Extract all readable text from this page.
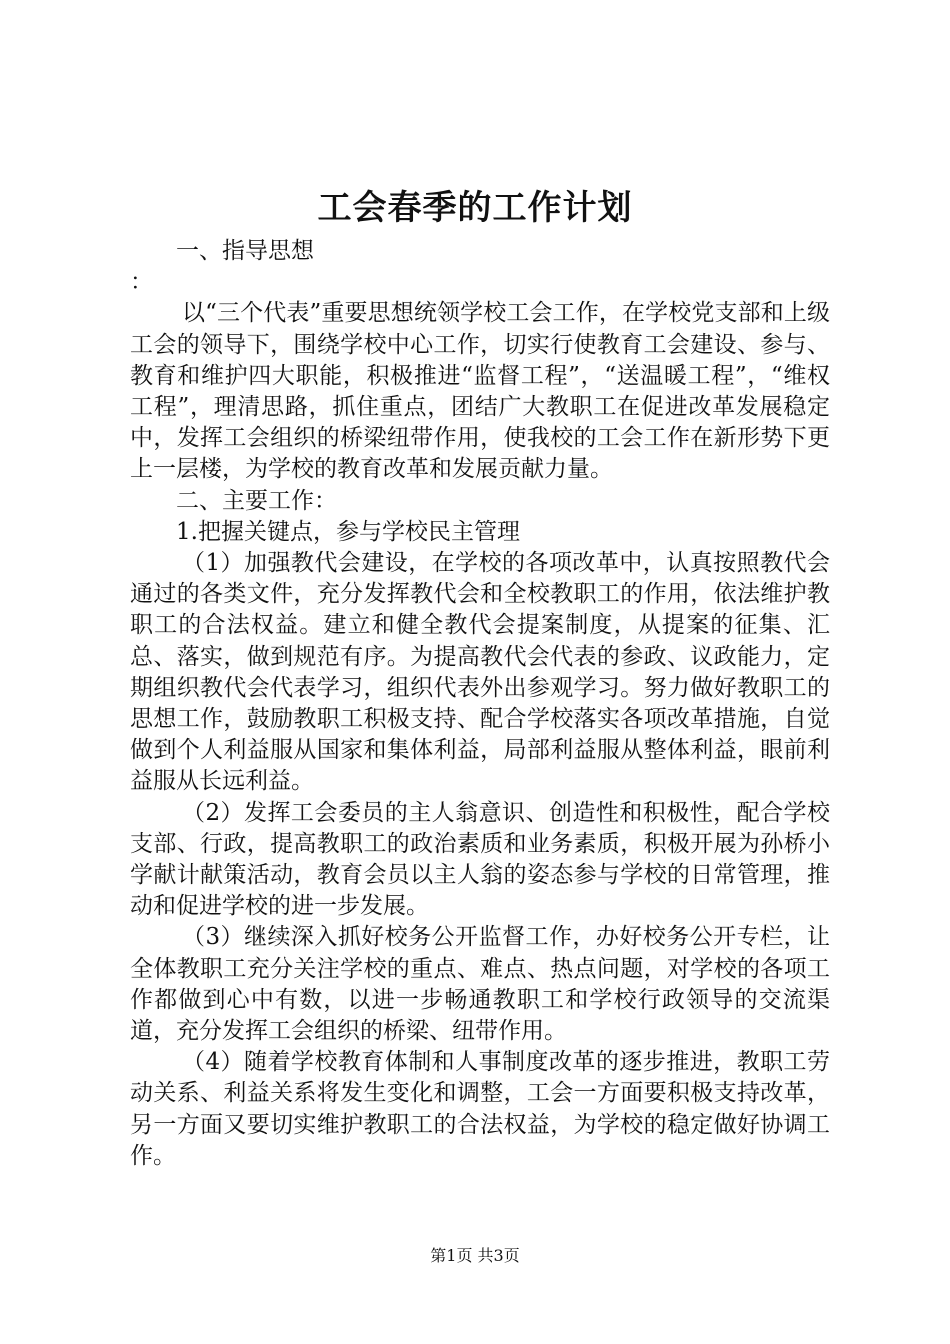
工会春季的工作计划

一、指导思想

：

以“三个代表”重要思想统领学校工会工作，在学校党支部和上级工会的领导下，围绕学校中心工作，切实行使教育工会建设、参与、教育和维护四大职能，积极推进“监督工程”，“送温暖工程”，“维权工程”，理清思路，抓住重点，团结广大教职工在促进改革发展稳定中，发挥工会组织的桥梁纽带作用，使我校的工会工作在新形势下更上一层楼，为学校的教育改革和发展贡献力量。

二、主要工作：

1.把握关键点，参与学校民主管理

（1）加强教代会建设，在学校的各项改革中，认真按照教代会通过的各类文件，充分发挥教代会和全校教职工的作用，依法维护教职工的合法权益。建立和健全教代会提案制度，从提案的征集、汇总、落实，做到规范有序。为提高教代会代表的参政、议政能力，定期组织教代会代表学习，组织代表外出参观学习。努力做好教职工的思想工作，鼓励教职工积极支持、配合学校落实各项改革措施，自觉做到个人利益服从国家和集体利益，局部利益服从整体利益，眼前利益服从长远利益。

（2）发挥工会委员的主人翁意识、创造性和积极性，配合学校支部、行政，提高教职工的政治素质和业务素质，积极开展为孙桥小学献计献策活动，教育会员以主人翁的姿态参与学校的日常管理，推动和促进学校的进一步发展。

（3）继续深入抓好校务公开监督工作，办好校务公开专栏，让全体教职工充分关注学校的重点、难点、热点问题，对学校的各项工作都做到心中有数，以进一步畅通教职工和学校行政领导的交流渠道，充分发挥工会组织的桥梁、纽带作用。

（4）随着学校教育体制和人事制度改革的逐步推进，教职工劳动关系、利益关系将发生变化和调整，工会一方面要积极支持改革，另一方面又要切实维护教职工的合法权益，为学校的稳定做好协调工作。

第1页 共3页
